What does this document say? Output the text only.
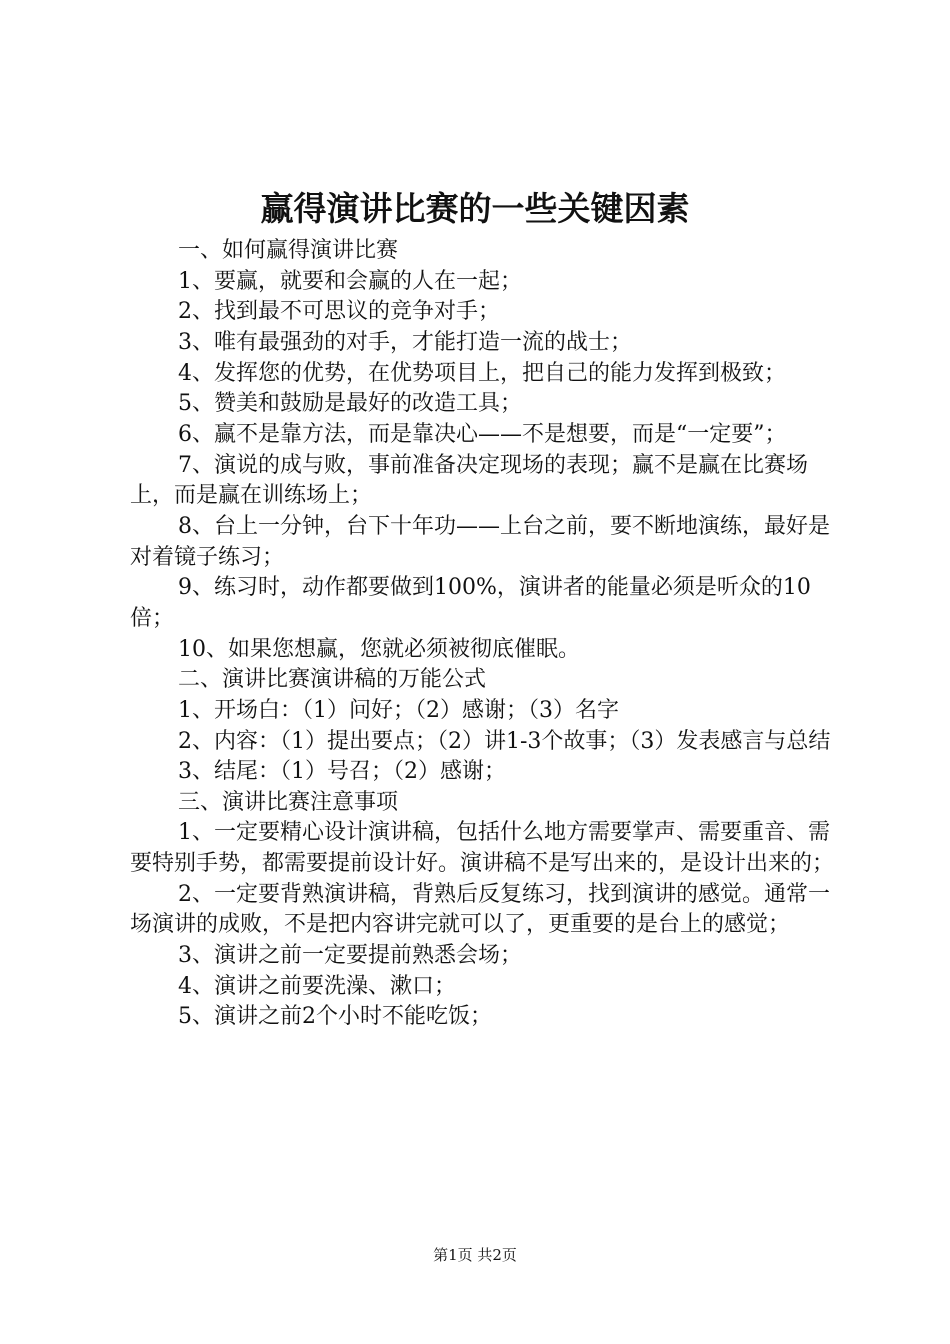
赢得演讲比赛的一些关键因素

一、如何赢得演讲比赛

1、要赢，就要和会赢的人在一起；

2、找到最不可思议的竞争对手；

3、唯有最强劲的对手，才能打造一流的战士；

4、发挥您的优势，在优势项目上，把自己的能力发挥到极致；

5、赞美和鼓励是最好的改造工具；

6、赢不是靠方法，而是靠决心——不是想要，而是“一定要”；

7、演说的成与败，事前准备决定现场的表现；赢不是赢在比赛场上，而是赢在训练场上；

8、台上一分钟，台下十年功——上台之前，要不断地演练，最好是对着镜子练习；

9、练习时，动作都要做到100%，演讲者的能量必须是听众的10倍；

10、如果您想赢，您就必须被彻底催眠。

二、演讲比赛演讲稿的万能公式

1、开场白：（1）问好；（2）感谢；（3）名字

2、内容：（1）提出要点；（2）讲1-3个故事；（3）发表感言与总结

3、结尾：（1）号召；（2）感谢；

三、演讲比赛注意事项

1、一定要精心设计演讲稿，包括什么地方需要掌声、需要重音、需要特别手势，都需要提前设计好。演讲稿不是写出来的，是设计出来的；

2、一定要背熟演讲稿，背熟后反复练习，找到演讲的感觉。通常一场演讲的成败，不是把内容讲完就可以了，更重要的是台上的感觉；

3、演讲之前一定要提前熟悉会场；

4、演讲之前要洗澡、漱口；

5、演讲之前2个小时不能吃饭；

第1页 共2页
